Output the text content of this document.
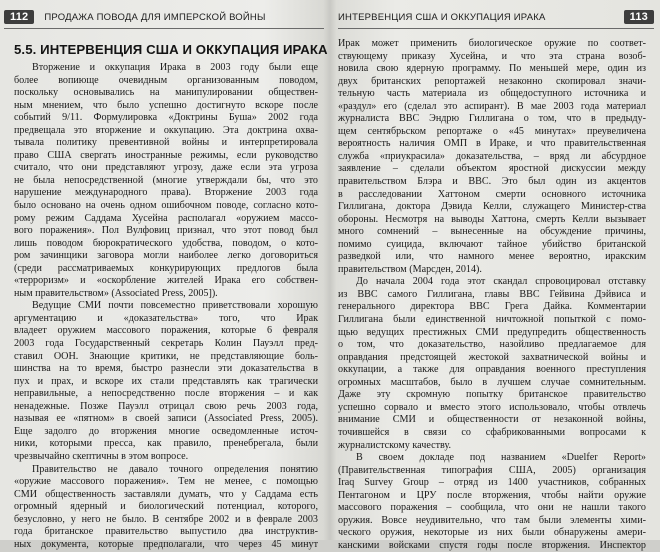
112	ПРОДАЖА ПОВОДА ДЛЯ ИМПЕРСКОЙ ВОЙНЫ
5.5. ИНТЕРВЕНЦИЯ США И ОККУПАЦИЯ ИРАКА
Вторжение и оккупация Ирака в 2003 году были еще
более вопиюще очевидным организованным поводом,
поскольку основывались на манипулировании обществен-
ным мнением, что было успешно достигнуто вскоре после
событий 9/11. Формулировка «Доктрины Буша» 2002 года
предвещала это вторжение и оккупацию. Эта доктрина охва-
тывала политику превентивной войны и интерпретировала
право США свергать иностранные режимы, если руководство
считало, что они представляют угрозу, даже если эта угроза
не была непосредственной (многие утверждали бы, что это
нарушение международного права). Вторжение 2003 года
было основано на очень одном ошибочном поводе, согласно кото-
рому режим Саддама Хусейна располагал «оружием массо-
вого поражения». Пол Вулфовиц признал, что этот повод был
лишь поводом бюрократического удобства, поводом, о кото-
ром зачинщики заговора могли наиболее легко договориться
(среди рассматриваемых конкурирующих предлогов была
«терроризм» и «оскорбление жителей Ирака его собствен-
ным правительством» (Associated Press, 2005]).
Ведущие СМИ почти повсеместно приветствовали хорошую
аргументацию и «доказательства» того, что Ирак
владеет оружием массового поражения, которые 6 февраля
2003 года Государственный секретарь Колин Пауэлл пред-
ставил ООН. Знающие критики, не представляющие боль-
шинства на то время, быстро разнесли эти доказательства в
пух и прах, и вскоре их стали представлять как трагически
неправильные, а непосредственно после вторжения – и как
ненадежные. Позже Пауэлл отрицал свою речь 2003 года,
называя ее «пятном» в своей записи (Associated Press, 2005).
Еще задолго до вторжения многие осведомленные источ-
ники, которыми пресса, как правило, пренебрегала, были
чрезвычайно скептичны в этом вопросе.
Правительство не давало точного определения понятию
«оружие массового поражения». Тем не менее, с помощью
СМИ общественность заставляли думать, что у Саддама есть
огромный ядерный и биологический потенциал, которого,
безусловно, у него не было. В сентябре 2002 и в феврале 2003
года британское правительство выпустило два инструктив-
ных документа, которые предполагали, что через 45 минут
ИНТЕРВЕНЦИЯ США И ОККУПАЦИЯ ИРАКА	113
Ирак может применить биологическое оружие по соответ-
ствующему приказу Хусейна, и что эта страна возоб-
новила свою ядерную программу. По меньшей мере, один из
двух британских репортажей незаконно скопировал значи-
тельную часть материала из общедоступного источника и
«раздул» его (сделал это аспирант). В мае 2003 года материал
журналиста BBC Эндрю Гиллигана о том, что в предыду-
щем сентябрьском репортаже о «45 минутах» преувеличена
вероятность наличия ОМП в Ираке, и что правительственная
служба «приукрасила» доказательства, – вряд ли абсурдное
заявление – сделали объектом яростной дискуссии между
правительством Блэра и BBC. Это был один из акцентов
в расследовании Хаттоном смерти основного источника
Гиллигана, доктора Дэвида Келли, служащего Министер-ства
обороны. Несмотря на выводы Хаттона, смерть Келли вызывает
много сомнений – вынесенные на обсуждение причины,
помимо суицида, включают тайное убийство британской
разведкой или, что намного менее вероятно, иракским
правительством (Марсден, 2014).
До начала 2004 года этот скандал спровоцировал отставку
из BBC самого Гиллигана, главы BBC Гейвина Дэйвиса и
генерального директора BBC Грега Дайка. Комментарии
Гиллигана были единственной ничтожной попыткой с помо-
щью ведущих престижных СМИ предупредить общественность
о том, что доказательство, назойливо предлагаемое для
оправдания предстоящей жестокой захватнической войны и
оккупации, а также для оправдания военного преступления
огромных масштабов, было в лучшем случае сомнительным.
Даже эту скромную попытку британское правительство
успешно сорвало и вместо этого использовало, чтобы отвлечь
внимание СМИ и общественности от незаконной войны,
точившейся в связи со сфабрикованными вопросами к
журналистскому качеству.
В своем докладе под названием «Duelfer Report»
(Правительственная типография США, 2005) организация
Iraq Survey Group – отряд из 1400 участников, собранных
Пентагоном и ЦРУ после вторжения, чтобы найти оружие
массового поражения – сообщила, что они не нашли такого
оружия. Вовсе неудивительно, что там были элементы хими-
ческого оружия, некоторые из них были обнаружены амери-
канскими войсками спустя годы после вторжения. Инспектор
